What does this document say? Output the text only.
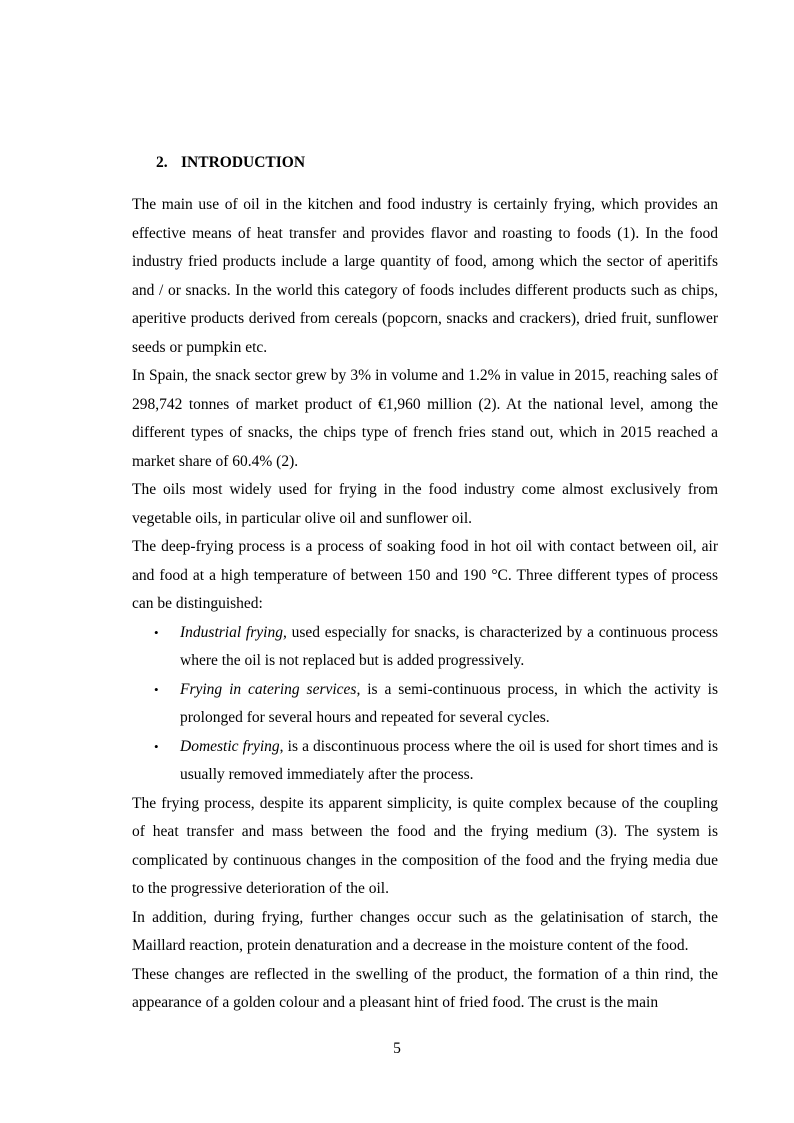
2. INTRODUCTION

The main use of oil in the kitchen and food industry is certainly frying, which provides an effective means of heat transfer and provides flavor and roasting to foods (1). In the food industry fried products include a large quantity of food, among which the sector of aperitifs and / or snacks. In the world this category of foods includes different products such as chips, aperitive products derived from cereals (popcorn, snacks and crackers), dried fruit, sunflower seeds or pumpkin etc.

In Spain, the snack sector grew by 3% in volume and 1.2% in value in 2015, reaching sales of 298,742 tonnes of market product of €1,960 million (2). At the national level, among the different types of snacks, the chips type of french fries stand out, which in 2015 reached a market share of 60.4% (2).

The oils most widely used for frying in the food industry come almost exclusively from vegetable oils, in particular olive oil and sunflower oil.

The deep-frying process is a process of soaking food in hot oil with contact between oil, air and food at a high temperature of between 150 and 190 °C. Three different types of process can be distinguished:

• Industrial frying, used especially for snacks, is characterized by a continuous process where the oil is not replaced but is added progressively.
• Frying in catering services, is a semi-continuous process, in which the activity is prolonged for several hours and repeated for several cycles.
• Domestic frying, is a discontinuous process where the oil is used for short times and is usually removed immediately after the process.

The frying process, despite its apparent simplicity, is quite complex because of the coupling of heat transfer and mass between the food and the frying medium (3). The system is complicated by continuous changes in the composition of the food and the frying media due to the progressive deterioration of the oil.

In addition, during frying, further changes occur such as the gelatinisation of starch, the Maillard reaction, protein denaturation and a decrease in the moisture content of the food.

These changes are reflected in the swelling of the product, the formation of a thin rind, the appearance of a golden colour and a pleasant hint of fried food. The crust is the main

5
